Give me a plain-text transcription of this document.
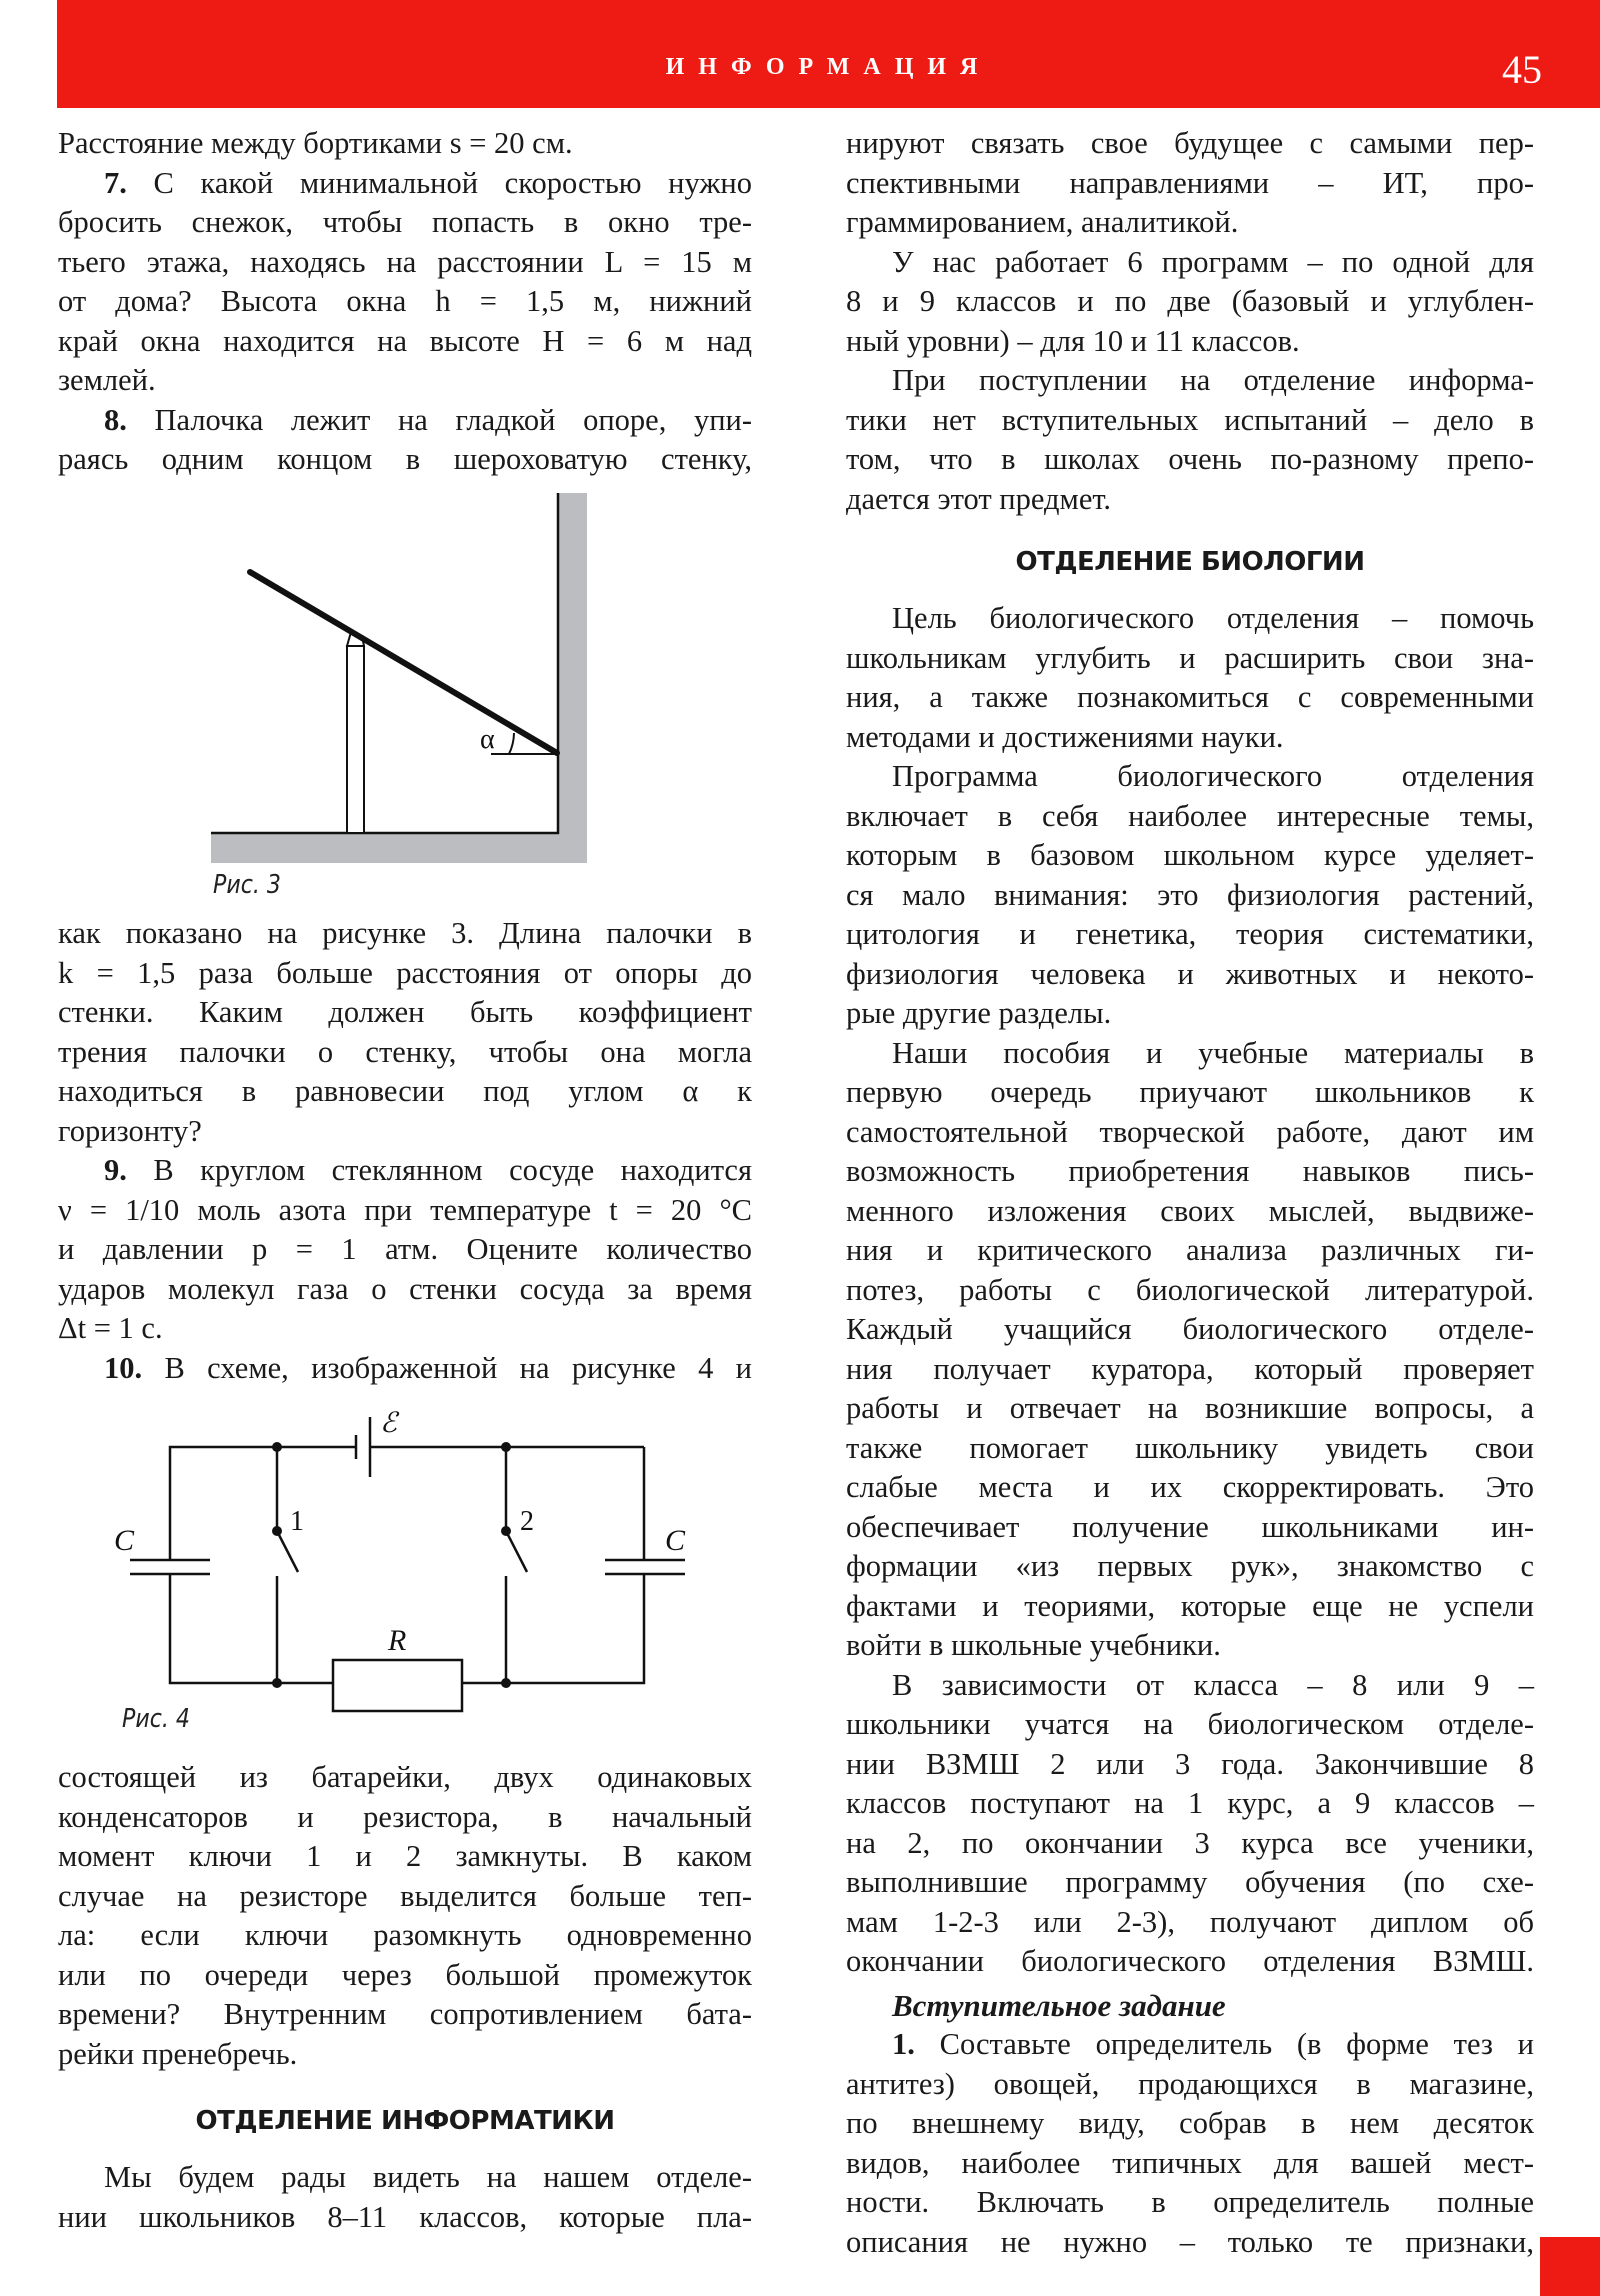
ИНФОРМАЦИЯ	45
Расстояние между бортиками s = 20 см.
7. С какой минимальной скоростью нужно
бросить снежок, чтобы попасть в окно тре-
тьего этажа, находясь на расстоянии L = 15 м
от дома? Высота окна h = 1,5 м, нижний
край окна находится на высоте H = 6 м над
землей.
8. Палочка лежит на гладкой опоре, упи-
раясь одним концом в шероховатую стенку,
α
Рис. 3
как показано на рисунке 3. Длина палочки в
k = 1,5 раза больше расстояния от опоры до
стенки. Каким должен быть коэффициент
трения палочки о стенку, чтобы она могла
находиться в равновесии под углом α к
горизонту?
9. В круглом стеклянном сосуде находится
ν = 1/10 моль азота при температуре t = 20 °С
и давлении p = 1 атм. Оцените количество
ударов молекул газа о стенки сосуда за время
Δt = 1 с.
10. В схеме, изображенной на рисунке 4 и
ℰ
1	2
C	C
R
Рис. 4
состоящей из батарейки, двух одинаковых
конденсаторов и резистора, в начальный
момент ключи 1 и 2 замкнуты. В каком
случае на резисторе выделится больше теп-
ла: если ключи разомкнуть одновременно
или по очереди через большой промежуток
времени? Внутренним сопротивлением бата-
рейки пренебречь.
ОТДЕЛЕНИЕ ИНФОРМАТИКИ
Мы будем рады видеть на нашем отделе-
нии школьников 8–11 классов, которые пла-
нируют связать свое будущее с самыми пер-
спективными направлениями – ИТ, про-
граммированием, аналитикой.
У нас работает 6 программ – по одной для
8 и 9 классов и по две (базовый и углублен-
ный уровни) – для 10 и 11 классов.
При поступлении на отделение информа-
тики нет вступительных испытаний – дело в
том, что в школах очень по-разному препо-
дается этот предмет.
ОТДЕЛЕНИЕ БИОЛОГИИ
Цель биологического отделения – помочь
школьникам углубить и расширить свои зна-
ния, а также познакомиться с современными
методами и достижениями науки.
Программа биологического отделения
включает в себя наиболее интересные темы,
которым в базовом школьном курсе уделяет-
ся мало внимания: это физиология растений,
цитология и генетика, теория систематики,
физиология человека и животных и некото-
рые другие разделы.
Наши пособия и учебные материалы в
первую очередь приучают школьников к
самостоятельной творческой работе, дают им
возможность приобретения навыков пись-
менного изложения своих мыслей, выдвиже-
ния и критического анализа различных ги-
потез, работы с биологической литературой.
Каждый учащийся биологического отделе-
ния получает куратора, который проверяет
работы и отвечает на возникшие вопросы, а
также помогает школьнику увидеть свои
слабые места и их скорректировать. Это
обеспечивает получение школьниками ин-
формации «из первых рук», знакомство с
фактами и теориями, которые еще не успели
войти в школьные учебники.
В зависимости от класса – 8 или 9 –
школьники учатся на биологическом отделе-
нии ВЗМШ 2 или 3 года. Закончившие 8
классов поступают на 1 курс, а 9 классов –
на 2, по окончании 3 курса все ученики,
выполнившие программу обучения (по схе-
мам 1-2-3 или 2-3), получают диплом об
окончании биологического отделения ВЗМШ.
Вступительное задание
1. Составьте определитель (в форме тез и
антитез) овощей, продающихся в магазине,
по внешнему виду, собрав в нем десяток
видов, наиболее типичных для вашей мест-
ности. Включать в определитель полные
описания не нужно – только те признаки,
